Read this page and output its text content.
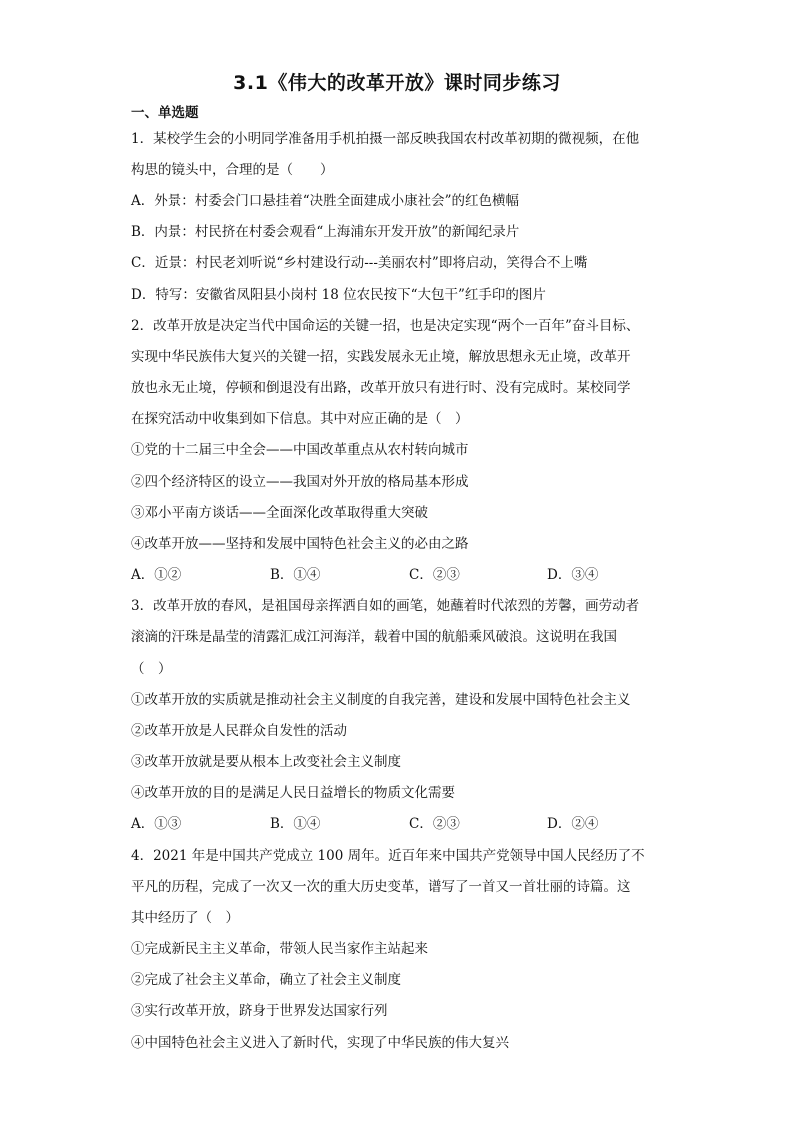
3.1《伟大的改革开放》课时同步练习
一、单选题
1．某校学生会的小明同学准备用手机拍摄一部反映我国农村改革初期的微视频，在他
构思的镜头中，合理的是（　　）
A．外景：村委会门口悬挂着“决胜全面建成小康社会”的红色横幅
B．内景：村民挤在村委会观看“上海浦东开发开放”的新闻纪录片
C．近景：村民老刘听说“乡村建设行动---美丽农村”即将启动，笑得合不上嘴
D．特写：安徽省凤阳县小岗村 18 位农民按下“大包干”红手印的图片
2．改革开放是决定当代中国命运的关键一招，也是决定实现“两个一百年”奋斗目标、
实现中华民族伟大复兴的关键一招，实践发展永无止境，解放思想永无止境，改革开
放也永无止境，停顿和倒退没有出路，改革开放只有进行时、没有完成时。某校同学
在探究活动中收集到如下信息。其中对应正确的是（　）
①党的十二届三中全会——中国改革重点从农村转向城市
②四个经济特区的设立——我国对外开放的格局基本形成
③邓小平南方谈话——全面深化改革取得重大突破
④改革开放——坚持和发展中国特色社会主义的必由之路
A．①②	B．①④	C．②③	D．③④
3．改革开放的春风，是祖国母亲挥洒自如的画笔，她蘸着时代浓烈的芳馨，画劳动者
滚滴的汗珠是晶莹的清露汇成江河海洋，载着中国的航船乘风破浪。这说明在我国
（　）
①改革开放的实质就是推动社会主义制度的自我完善，建设和发展中国特色社会主义
②改革开放是人民群众自发性的活动
③改革开放就是要从根本上改变社会主义制度
④改革开放的目的是满足人民日益增长的物质文化需要
A．①③	B．①④	C．②③	D．②④
4．2021 年是中国共产党成立 100 周年。近百年来中国共产党领导中国人民经历了不
平凡的历程，完成了一次又一次的重大历史变革，谱写了一首又一首壮丽的诗篇。这
其中经历了（　）
①完成新民主主义革命，带领人民当家作主站起来
②完成了社会主义革命，确立了社会主义制度
③实行改革开放，跻身于世界发达国家行列
④中国特色社会主义进入了新时代，实现了中华民族的伟大复兴
